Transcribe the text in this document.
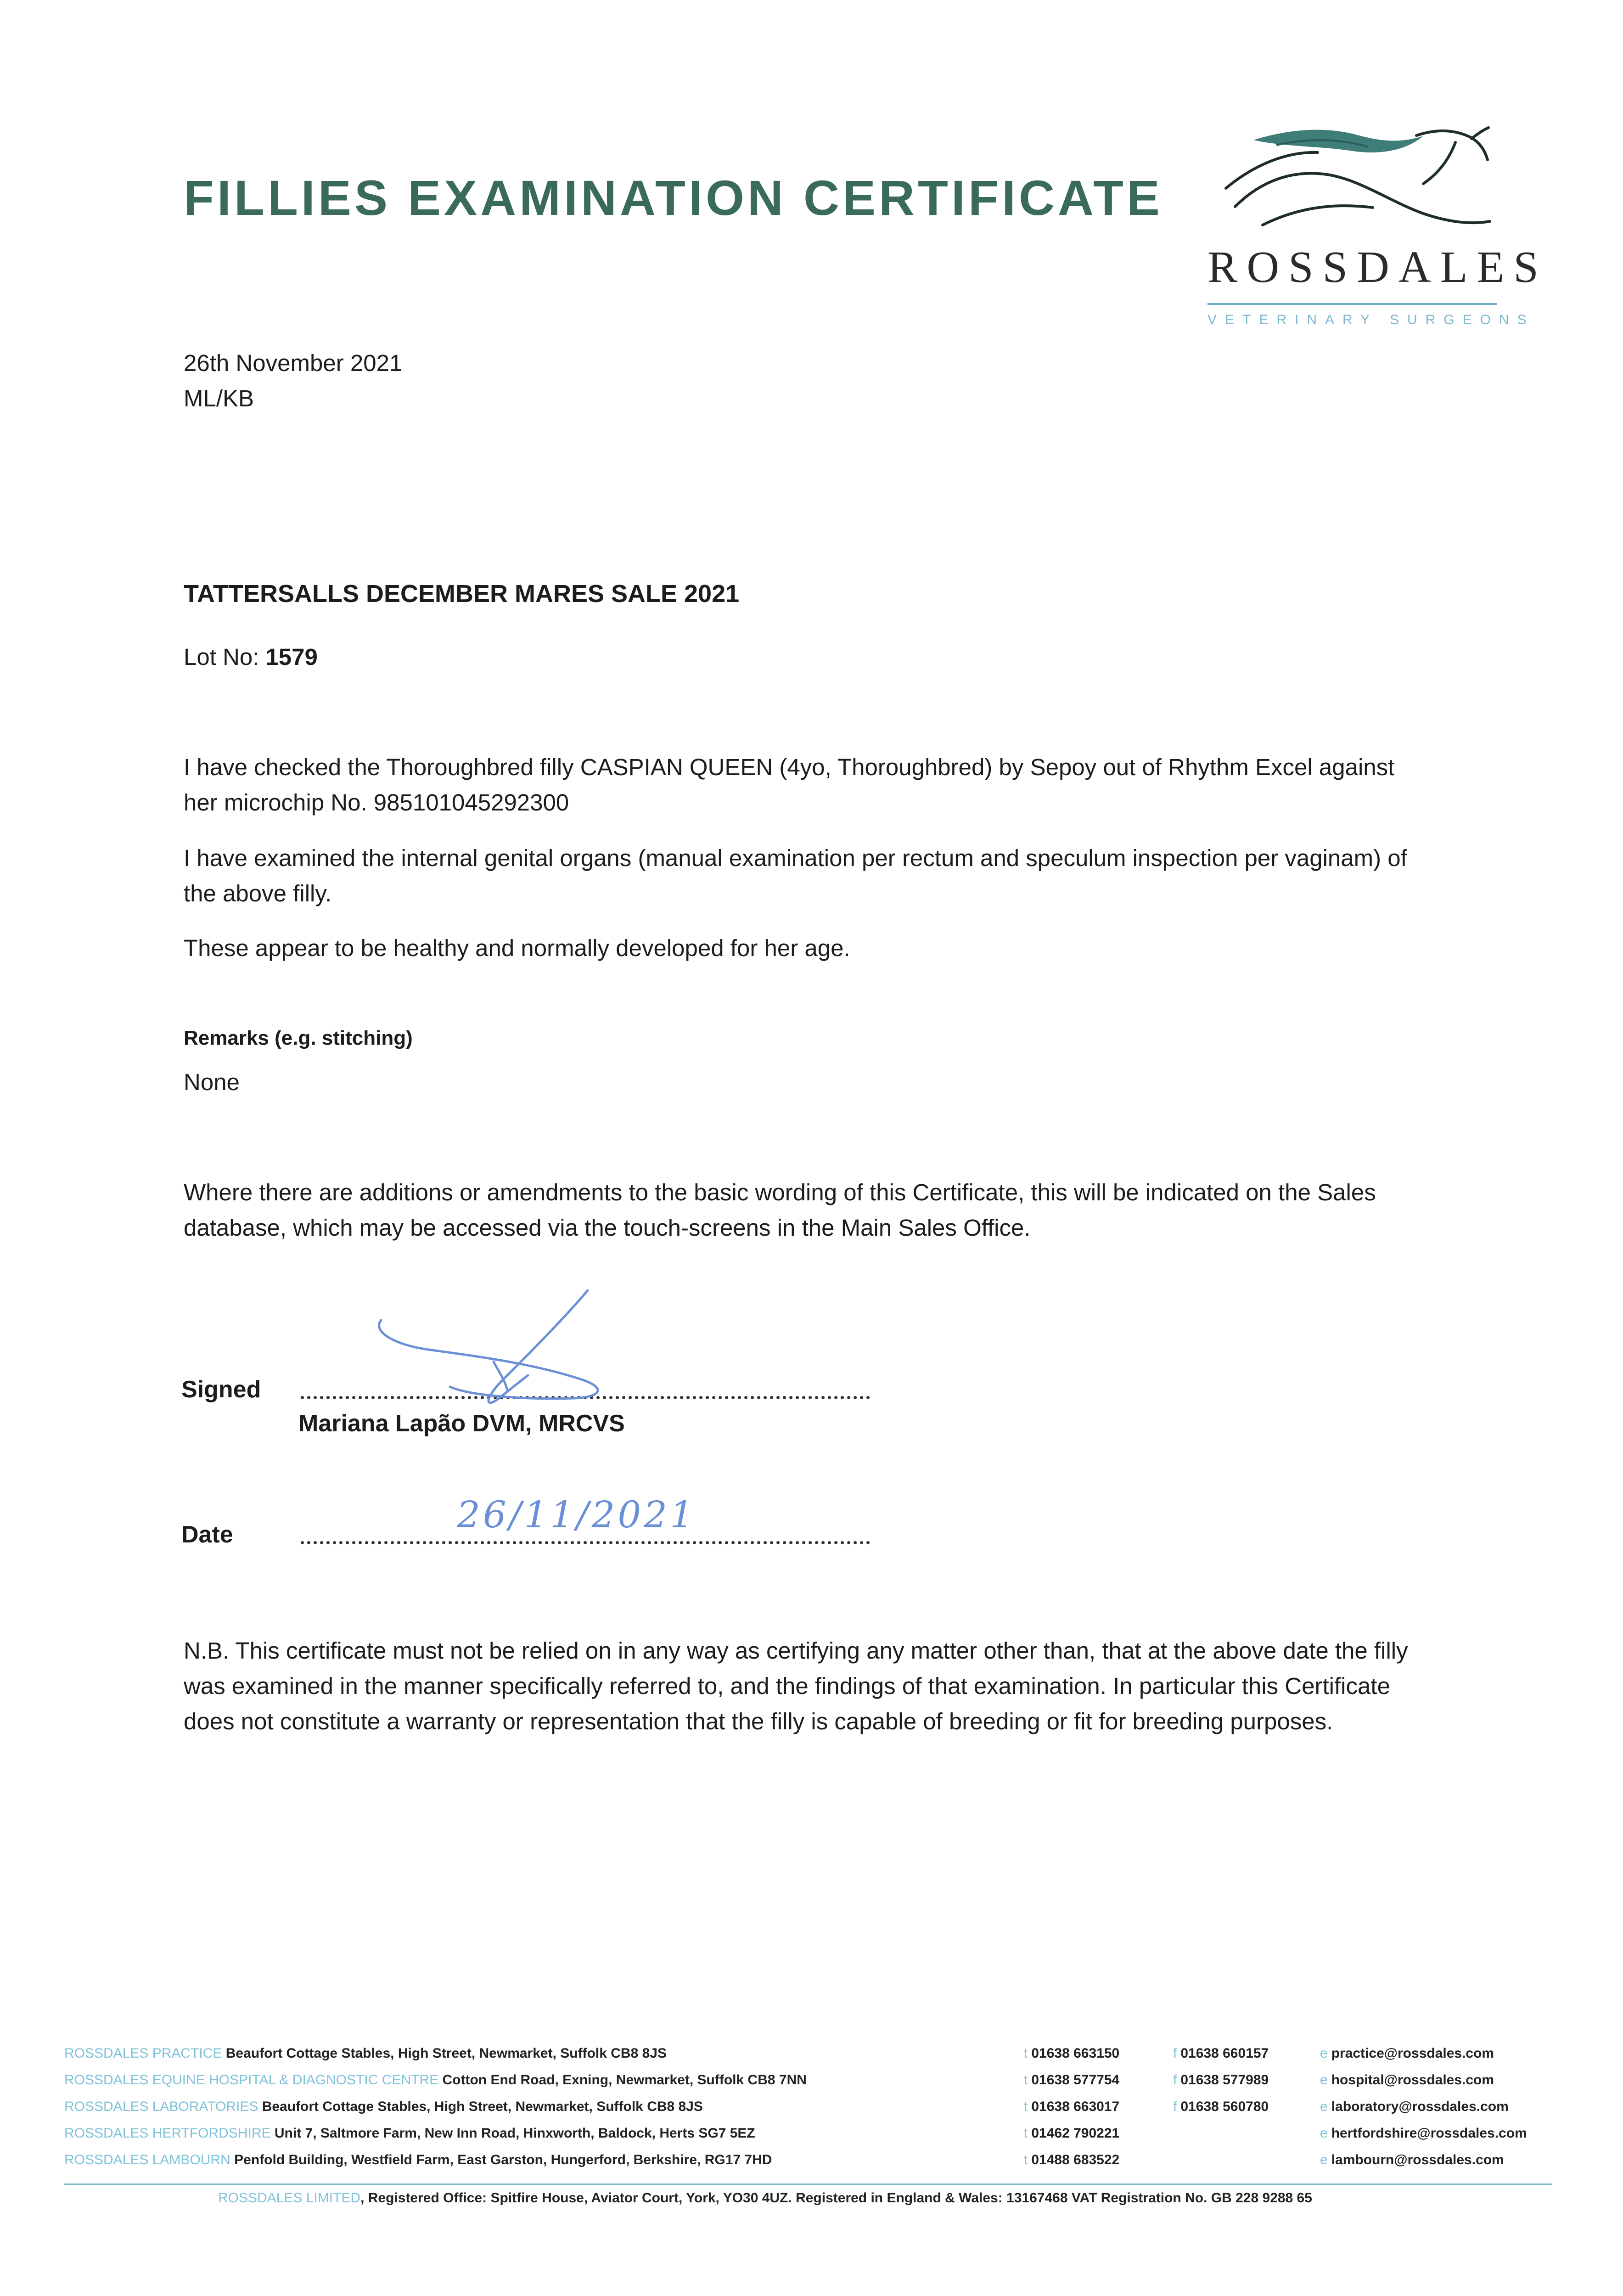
FILLIES EXAMINATION CERTIFICATE
ROSSDALES
VETERINARY SURGEONS
26th November 2021
ML/KB
TATTERSALLS DECEMBER MARES SALE 2021
Lot No: 1579
I have checked the Thoroughbred filly CASPIAN QUEEN (4yo, Thoroughbred) by Sepoy out of Rhythm Excel against her microchip No. 985101045292300
I have examined the internal genital organs (manual examination per rectum and speculum inspection per vaginam) of the above filly.
These appear to be healthy and normally developed for her age.
Remarks (e.g. stitching)
None
Where there are additions or amendments to the basic wording of this Certificate, this will be indicated on the Sales database, which may be accessed via the touch-screens in the Main Sales Office.
Signed
Mariana Lapão DVM, MRCVS
Date	26/11/2021
N.B. This certificate must not be relied on in any way as certifying any matter other than, that at the above date the filly was examined in the manner specifically referred to, and the findings of that examination. In particular this Certificate does not constitute a warranty or representation that the filly is capable of breeding or fit for breeding purposes.
ROSSDALES PRACTICE Beaufort Cottage Stables, High Street, Newmarket, Suffolk CB8 8JS
ROSSDALES EQUINE HOSPITAL & DIAGNOSTIC CENTRE Cotton End Road, Exning, Newmarket, Suffolk CB8 7NN
ROSSDALES LABORATORIES Beaufort Cottage Stables, High Street, Newmarket, Suffolk CB8 8JS
ROSSDALES HERTFORDSHIRE Unit 7, Saltmore Farm, New Inn Road, Hinxworth, Baldock, Herts SG7 5EZ
ROSSDALES LAMBOURN Penfold Building, Westfield Farm, East Garston, Hungerford, Berkshire, RG17 7HD
t 01638 663150
t 01638 577754
t 01638 663017
t 01462 790221
t 01488 683522
f 01638 660157
f 01638 577989
f 01638 560780
e practice@rossdales.com
e hospital@rossdales.com
e laboratory@rossdales.com
e hertfordshire@rossdales.com
e lambourn@rossdales.com
ROSSDALES LIMITED, Registered Office: Spitfire House, Aviator Court, York, YO30 4UZ. Registered in England & Wales: 13167468 VAT Registration No. GB 228 9288 65
